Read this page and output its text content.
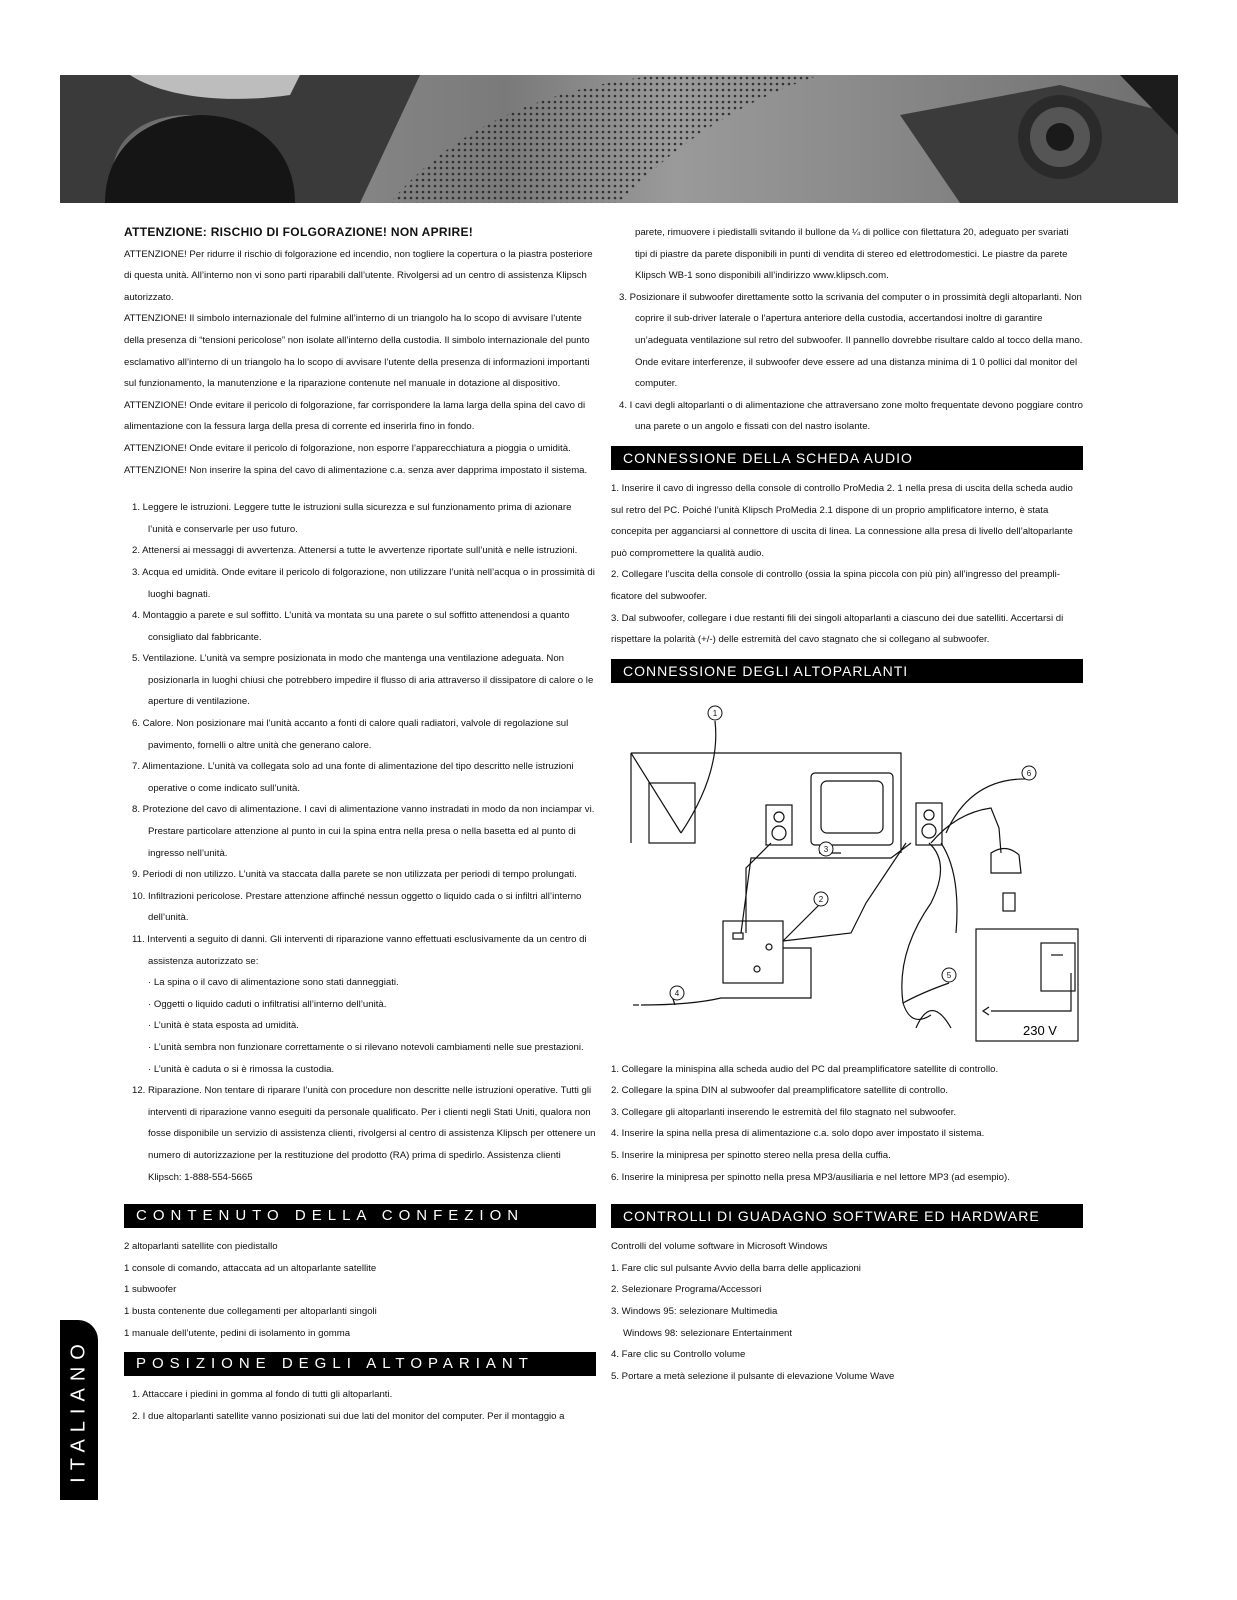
ATTENZIONE: RISCHIO DI FOLGORAZIONE! NON APRIRE!

ATTENZIONE! Per ridurre il rischio di folgorazione ed incendio, non togliere la copertura o la piastra posteriore di questa unità. All’interno non vi sono parti riparabili dall’utente. Rivolgersi ad un centro di assistenza Klipsch autorizzato.

ATTENZIONE! Il simbolo internazionale del fulmine all’interno di un triangolo ha lo scopo di avvisare l’utente della presenza di “tensioni pericolose” non isolate all’interno della custodia. Il simbolo internazionale del punto esclamativo all’interno di un triangolo ha lo scopo di avvisare l’utente della presenza di informazioni importanti sul funzionamento, la manutenzione e la riparazione contenute nel manuale in dotazione al dispositivo.

ATTENZIONE! Onde evitare il pericolo di folgorazione, far corrispondere la lama larga della spina del cavo di alimentazione con la fessura larga della presa di corrente ed inserirla fino in fondo.

ATTENZIONE! Onde evitare il pericolo di folgorazione, non esporre l’apparecchiatura a pioggia o umidità.

ATTENZIONE! Non inserire la spina del cavo di alimentazione c.a. senza aver dapprima impostato il sistema.

1. Leggere le istruzioni. Leggere tutte le istruzioni sulla sicurezza e sul funzionamento prima di azionare l’unità e conservarle per uso futuro.

2. Attenersi ai messaggi di avvertenza. Attenersi a tutte le avvertenze riportate sull’unità e nelle istruzioni.

3. Acqua ed umidità. Onde evitare il pericolo di folgorazione, non utilizzare l’unità nell’acqua o in prossimità di luoghi bagnati.

4. Montaggio a parete e sul soffitto. L’unità va montata su una parete o sul soffitto attenendosi a quanto consigliato dal fabbricante.

5. Ventilazione. L’unità va sempre posizionata in modo che mantenga una ventilazione adeguata. Non posizionarla in luoghi chiusi che potrebbero impedire il flusso di aria attraverso il dissipatore di calore o le aperture di ventilazione.

6. Calore. Non posizionare mai l’unità accanto a fonti di calore quali radiatori, valvole di regolazione sul pavimento, fornelli o altre unità che generano calore.

7. Alimentazione. L’unità va collegata solo ad una fonte di alimentazione del tipo descritto nelle istruzioni operative o come indicato sull’unità.

8. Protezione del cavo di alimentazione. I cavi di alimentazione vanno instradati in modo da non inciampar vi. Prestare particolare attenzione al punto in cui la spina entra nella presa o nella basetta ed al punto di ingresso nell’unità.

9. Periodi di non utilizzo. L’unità va staccata dalla parete se non utilizzata per periodi di tempo prolungati.

10. Infiltrazioni pericolose. Prestare attenzione affinché nessun oggetto o liquido cada o si infiltri all’interno dell’unità.

11. Interventi a seguito di danni. Gli interventi di riparazione vanno effettuati esclusivamente da un centro di assistenza autorizzato se:

· La spina o il cavo di alimentazione sono stati danneggiati.

· Oggetti o liquido caduti o infiltratisi all’interno dell’unità.

· L’unità è stata esposta ad umidità.

· L’unità sembra non funzionare correttamente o si rilevano notevoli cambiamenti nelle sue prestazioni.

· L’unità è caduta o si è rimossa la custodia.

12. Riparazione. Non tentare di riparare l’unità con procedure non descritte nelle istruzioni operative. Tutti gli interventi di riparazione vanno eseguiti da personale qualificato. Per i clienti negli Stati Uniti, qualora non fosse disponibile un servizio di assistenza clienti, rivolgersi al centro di assistenza Klipsch per ottenere un numero di autorizzazione per la restituzione del prodotto (RA) prima di spedirlo. Assistenza clienti Klipsch: 1-888-554-5665

CONTENUTO DELLA CONFEZION

2 altoparlanti satellite con piedistallo

1 console di comando, attaccata ad un altoparlante satellite

1 subwoofer

1 busta contenente due collegamenti per altoparlanti singoli

1 manuale dell’utente, pedini di isolamento in gomma

POSIZIONE DEGLI ALTOPARIANT

1. Attaccare i piedini in gomma al fondo di tutti gli altoparlanti.

2. I due altoparlanti satellite vanno posizionati sui due lati del monitor del computer. Per il montaggio a

parete, rimuovere i piedistalli svitando il bullone da ¼ di pollice con filettatura 20, adeguato per svariati tipi di piastre da parete disponibili in punti di vendita di stereo ed elettrodomestici. Le piastre da parete Klipsch WB-1 sono disponibili all’indirizzo www.klipsch.com.

3. Posizionare il subwoofer direttamente sotto la scrivania del computer o in prossimità degli altoparlanti. Non coprire il sub-driver laterale o l’apertura anteriore della custodia, accertandosi inoltre di garantire un’adeguata ventilazione sul retro del subwoofer. Il pannello dovrebbe risultare caldo al tocco della mano. Onde evitare interferenze, il subwoofer deve essere ad una distanza minima di 1 0 pollici dal monitor del computer.

4. I cavi degli altoparlanti o di alimentazione che attraversano zone molto frequentate devono poggiare contro una parete o un angolo e fissati con del nastro isolante.

CONNESSIONE DELLA SCHEDA AUDIO

1. Inserire il cavo di ingresso della console di controllo ProMedia 2. 1 nella presa di uscita della scheda audio sul retro del PC. Poiché l’unità Klipsch ProMedia 2.1 dispone di un proprio amplificatore interno, è stata concepita per agganciarsi al connettore di uscita di linea. La connessione alla presa di livello dell’altoparlante può compromettere la qualità audio.

2. Collegare l’uscita della console di controllo (ossia la spina piccola con più pin) all’ingresso del preampli-ficatore del subwoofer.

3. Dal subwoofer, collegare i due restanti fili dei singoli altoparlanti a ciascuno dei due satelliti. Accertarsi di rispettare la polarità (+/-) delle estremità del cavo stagnato che si collegano al subwoofer.

CONNESSIONE DEGLI ALTOPARLANTI

1
2
3
4
5
6
230 V

1. Collegare la minispina alla scheda audio del PC dal preamplificatore satellite di controllo.

2. Collegare la spina DIN al subwoofer dal preamplificatore satellite di controllo.

3. Collegare gli altoparlanti inserendo le estremità del filo stagnato nel subwoofer.

4. Inserire la spina nella presa di alimentazione c.a. solo dopo aver impostato il sistema.

5. Inserire la minipresa per spinotto stereo nella presa della cuffia.

6. Inserire la minipresa per spinotto nella presa MP3/ausiliaria e nel lettore MP3 (ad esempio).

CONTROLLI DI GUADAGNO SOFTWARE ED HARDWARE

Controlli del volume software in Microsoft Windows

1. Fare clic sul pulsante Avvio della barra delle applicazioni

2. Selezionare Programa/Accessori

3. Windows 95: selezionare Multimedia

Windows 98: selezionare Entertainment

4. Fare clic su Controllo volume

5. Portare a metà selezione il pulsante di elevazione Volume Wave

ITALIANO
